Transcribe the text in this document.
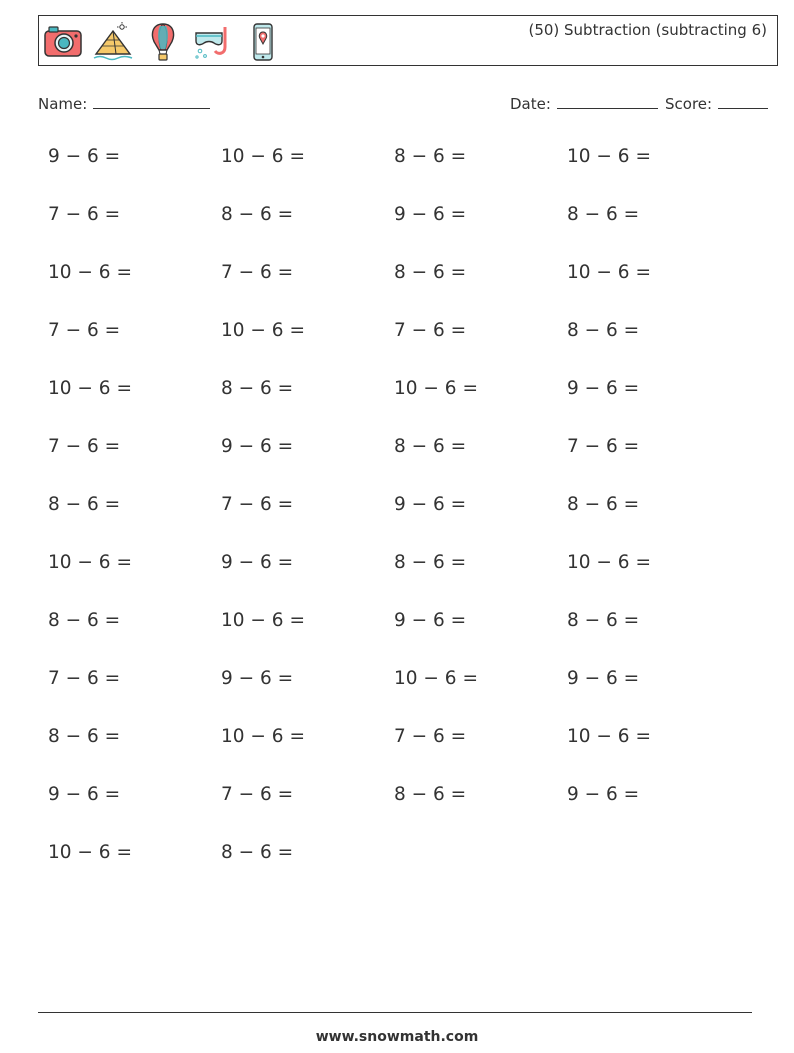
(50) Subtraction (subtracting 6)
Name:	Date:	Score:
9 − 6 =	10 − 6 =	8 − 6 =	10 − 6 =
7 − 6 =	8 − 6 =	9 − 6 =	8 − 6 =
10 − 6 =	7 − 6 =	8 − 6 =	10 − 6 =
7 − 6 =	10 − 6 =	7 − 6 =	8 − 6 =
10 − 6 =	8 − 6 =	10 − 6 =	9 − 6 =
7 − 6 =	9 − 6 =	8 − 6 =	7 − 6 =
8 − 6 =	7 − 6 =	9 − 6 =	8 − 6 =
10 − 6 =	9 − 6 =	8 − 6 =	10 − 6 =
8 − 6 =	10 − 6 =	9 − 6 =	8 − 6 =
7 − 6 =	9 − 6 =	10 − 6 =	9 − 6 =
8 − 6 =	10 − 6 =	7 − 6 =	10 − 6 =
9 − 6 =	7 − 6 =	8 − 6 =	9 − 6 =
10 − 6 =	8 − 6 =
www.snowmath.com
